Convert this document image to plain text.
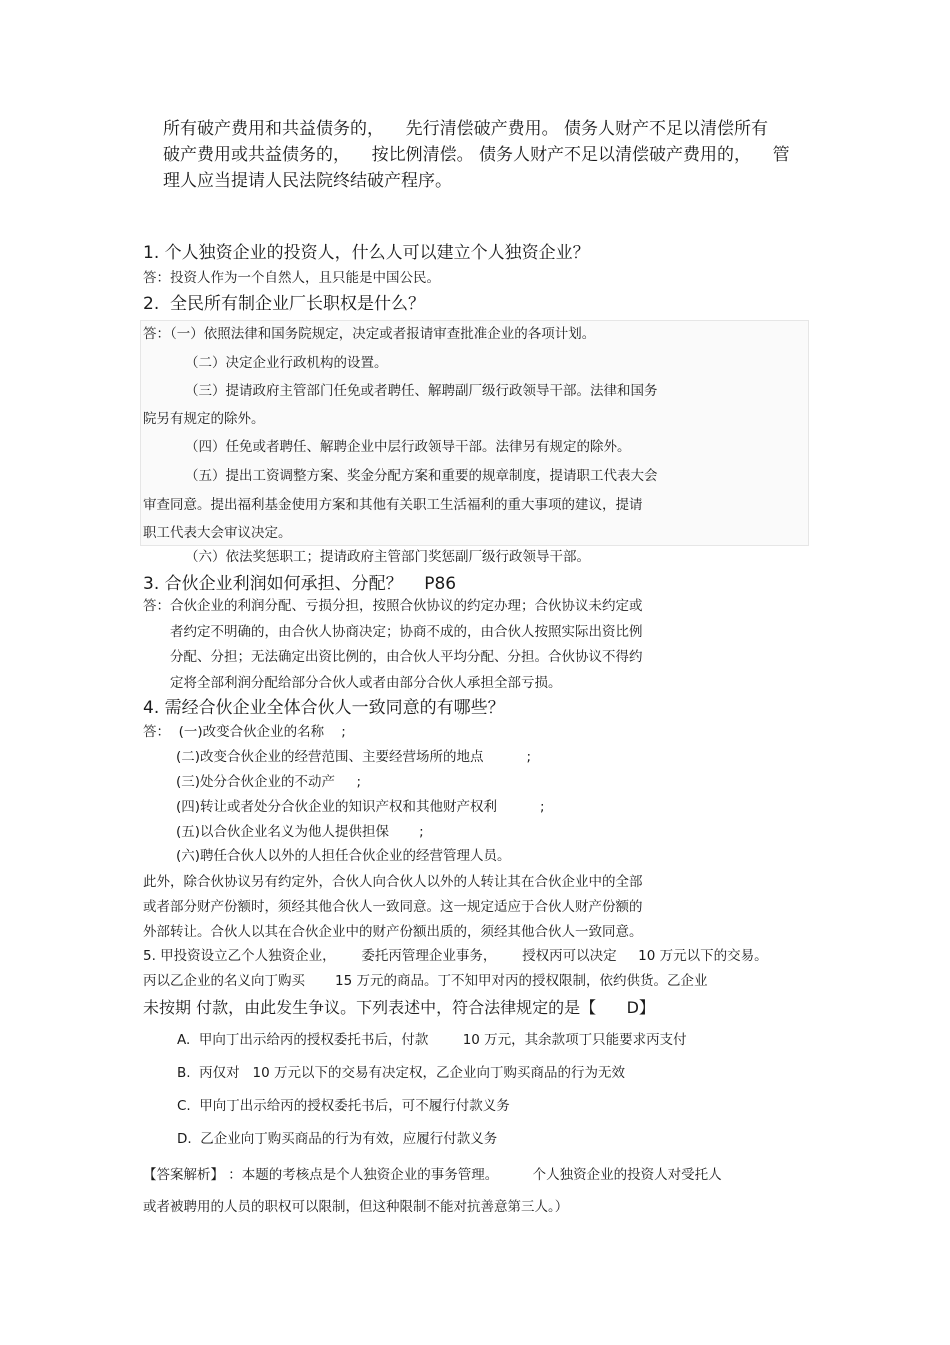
所有破产费用和共益债务的，    先行清偿破产费用。 债务人财产不足以清偿所有
破产费用或共益债务的，    按比例清偿。 债务人财产不足以清偿破产费用的，    管
理人应当提请人民法院终结破产程序。
1. 个人独资企业的投资人，什么人可以建立个人独资企业？
答：投资人作为一个自然人，且只能是中国公民。
2.  全民所有制企业厂长职权是什么？
答：（一）依照法律和国务院规定，决定或者报请审查批准企业的各项计划。
（二）决定企业行政机构的设置。
（三）提请政府主管部门任免或者聘任、解聘副厂级行政领导干部。法律和国务
院另有规定的除外。
（四）任免或者聘任、解聘企业中层行政领导干部。法律另有规定的除外。
（五）提出工资调整方案、奖金分配方案和重要的规章制度，提请职工代表大会
审查同意。提出福利基金使用方案和其他有关职工生活福利的重大事项的建议，提请
职工代表大会审议决定。
（六）依法奖惩职工；提请政府主管部门奖惩副厂级行政领导干部。
3. 合伙企业利润如何承担、分配？    P86
答：合伙企业的利润分配、亏损分担，按照合伙协议的约定办理；合伙协议未约定或
者约定不明确的，由合伙人协商决定；协商不成的，由合伙人按照实际出资比例
分配、分担；无法确定出资比例的，由合伙人平均分配、分担。合伙协议不得约
定将全部利润分配给部分合伙人或者由部分合伙人承担全部亏损。
4. 需经合伙企业全体合伙人一致同意的有哪些？
答：  (一)改变合伙企业的名称    ;
(二)改变合伙企业的经营范围、主要经营场所的地点          ;
(三)处分合伙企业的不动产     ;
(四)转让或者处分合伙企业的知识产权和其他财产权利          ;
(五)以合伙企业名义为他人提供担保       ;
(六)聘任合伙人以外的人担任合伙企业的经营管理人员。
此外，除合伙协议另有约定外，合伙人向合伙人以外的人转让其在合伙企业中的全部
或者部分财产份额时，须经其他合伙人一致同意。这一规定适应于合伙人财产份额的
外部转让。合伙人以其在合伙企业中的财产份额出质的，须经其他合伙人一致同意。
5. 甲投资设立乙个人独资企业，      委托丙管理企业事务，      授权丙可以决定     10 万元以下的交易。
丙以乙企业的名义向丁购买       15 万元的商品。丁不知甲对丙的授权限制，依约供货。乙企业
未按期 付款，由此发生争议。下列表述中，符合法律规定的是【      D】
A.  甲向丁出示给丙的授权委托书后，付款        10 万元，其余款项丁只能要求丙支付
B.  丙仅对   10 万元以下的交易有决定权，乙企业向丁购买商品的行为无效
C.  甲向丁出示给丙的授权委托书后，可不履行付款义务
D.  乙企业向丁购买商品的行为有效，应履行付款义务
【答案解析】 ：本题的考核点是个人独资企业的事务管理。        个人独资企业的投资人对受托人
或者被聘用的人员的职权可以限制，但这种限制不能对抗善意第三人。）
